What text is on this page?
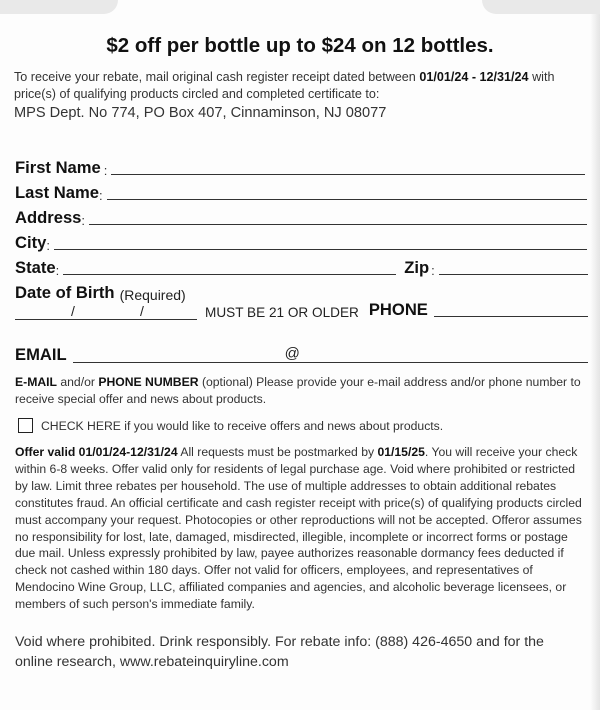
$2 off per bottle up to $24 on 12 bottles.
To receive your rebate, mail original cash register receipt dated between 01/01/24 - 12/31/24 with price(s) of qualifying products circled and completed certificate to:
MPS Dept. No 774, PO Box 407, Cinnaminson, NJ 08077
First Name :
Last Name :
Address :
City :
State :	Zip :
Date of Birth (Required)
/	/	MUST BE 21 OR OLDER PHONE
EMAIL	@
E-MAIL and/or PHONE NUMBER (optional) Please provide your e-mail address and/or phone number to receive special offer and news about products.
CHECK HERE if you would like to receive offers and news about products.
Offer valid 01/01/24-12/31/24 All requests must be postmarked by 01/15/25. You will receive your check within 6-8 weeks. Offer valid only for residents of legal purchase age. Void where prohibited or restricted by law. Limit three rebates per household. The use of multiple addresses to obtain additional rebates constitutes fraud. An official certificate and cash register receipt with price(s) of qualifying products circled must accompany your request. Photocopies or other reproductions will not be accepted. Offeror assumes no responsibility for lost, late, damaged, misdirected, illegible, incomplete or incorrect forms or postage due mail. Unless expressly prohibited by law, payee authorizes reasonable dormancy fees deducted if check not cashed within 180 days. Offer not valid for officers, employees, and representatives of Mendocino Wine Group, LLC, affiliated companies and agencies, and alcoholic beverage licensees, or members of such person's immediate family.
Void where prohibited. Drink responsibly. For rebate info: (888) 426-4650 and for the online research, www.rebateinquiryline.com
